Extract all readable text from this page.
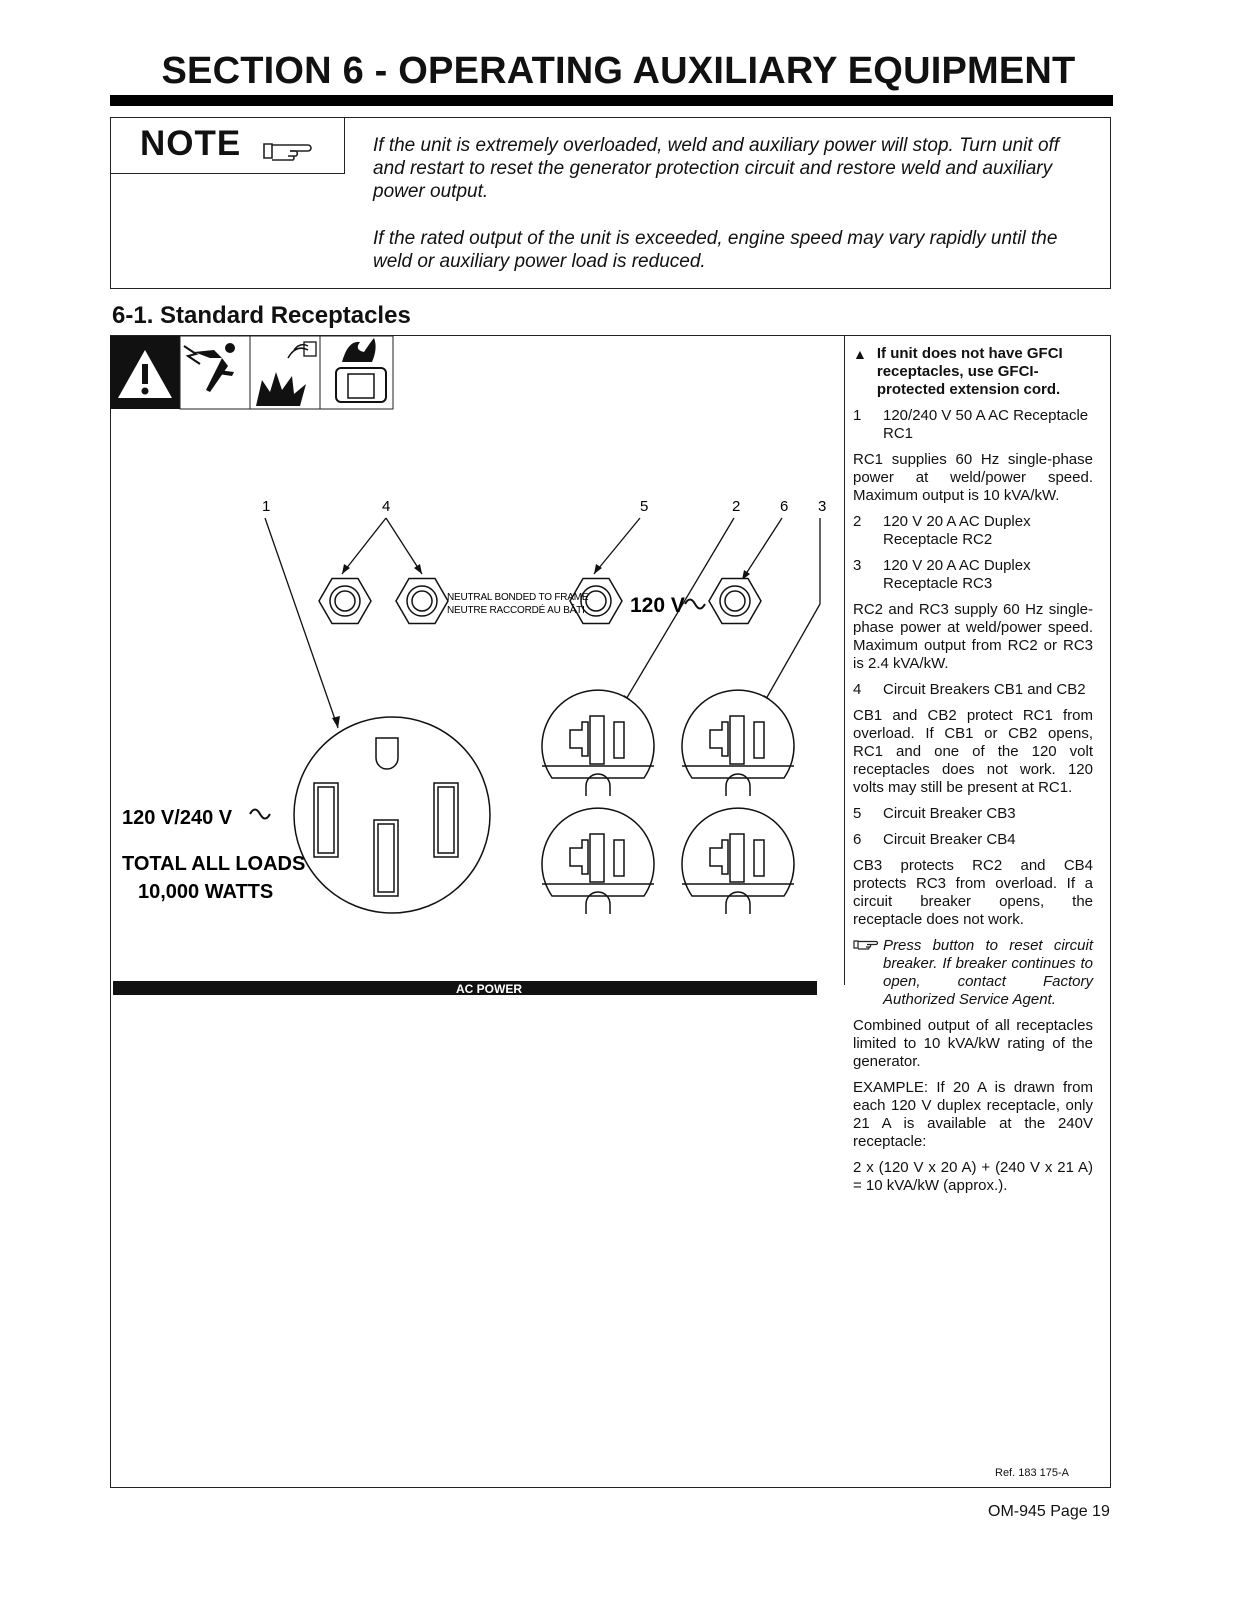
SECTION 6 - OPERATING AUXILIARY EQUIPMENT
NOTE	If the unit is extremely overloaded, weld and auxiliary power will stop. Turn unit off and restart to reset the generator protection circuit and restore weld and auxiliary power output.
If the rated output of the unit is exceeded, engine speed may vary rapidly until the weld or auxiliary power load is reduced.
6-1. Standard Receptacles
1	4	5	2	6 3
NEUTRAL BONDED TO FRAME
NEUTRE RACCORDÉ AU BÂTI 120 V
120 V/240 V
TOTAL ALL LOADS
10,000 WATTS
AC POWER
▲ If unit does not have GFCI receptacles, use GFCI-protected extension cord.
1	120/240 V 50 A AC Receptacle RC1

RC1 supplies 60 Hz single-phase power at weld/power speed. Maximum output is 10 kVA/kW.

2	120 V 20 A AC Duplex Receptacle RC2
3	120 V 20 A AC Duplex Receptacle RC3

RC2 and RC3 supply 60 Hz single-phase power at weld/power speed. Maximum output from RC2 or RC3 is 2.4 kVA/kW.

4	Circuit Breakers CB1 and CB2

CB1 and CB2 protect RC1 from overload. If CB1 or CB2 opens, RC1 and one of the 120 volt receptacles does not work. 120 volts may still be present at RC1.

5	Circuit Breaker CB3
6	Circuit Breaker CB4

CB3 protects RC2 and CB4 protects RC3 from overload. If a circuit breaker opens, the receptacle does not work.

Press button to reset circuit breaker. If breaker continues to open, contact Factory Authorized Service Agent.

Combined output of all receptacles limited to 10 kVA/kW rating of the generator.

EXAMPLE: If 20 A is drawn from each 120 V duplex receptacle, only 21 A is available at the 240V receptacle:

2 x (120 V x 20 A) + (240 V x 21 A) = 10 kVA/kW (approx.).

Ref. 183 175-A
OM-945 Page 19
